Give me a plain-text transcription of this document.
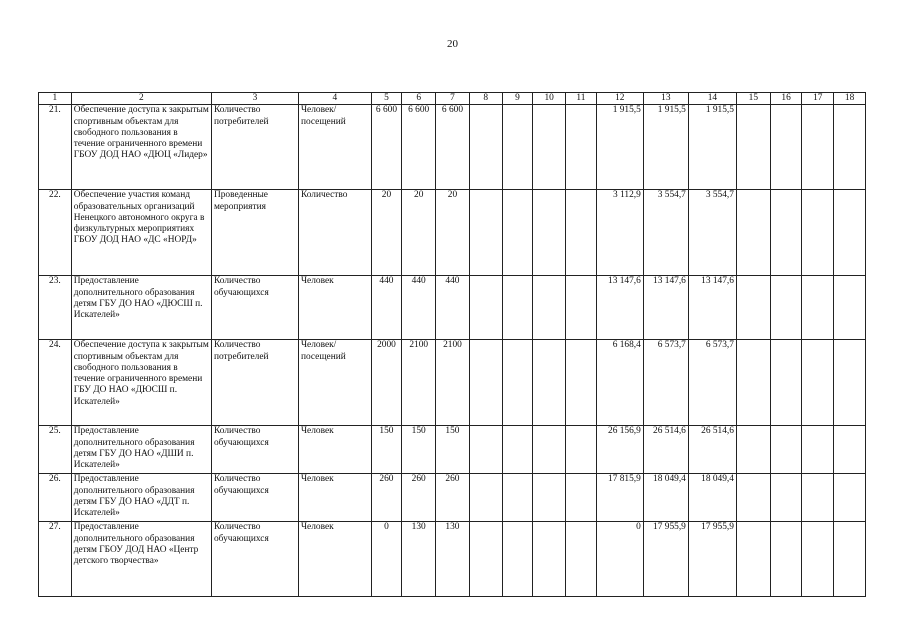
20
1	2	3	4	5	6	7	8	9	10	11	12	13	14	15	16	17	18
21.	Обеспечение доступа к закрытым спортивным объектам для свободного пользования в течение ограниченного времени ГБОУ ДОД НАО «ДЮЦ «Лидер»	Количество потребителей	Человек/ посещений	6 600	6 600	6 600					1 915,5	1 915,5	1 915,5				
22.	Обеспечение участия команд образовательных организаций Ненецкого автономного округа в физкультурных мероприятиях ГБОУ ДОД НАО «ДС «НОРД»	Проведенные мероприятия	Количество	20	20	20					3 112,9	3 554,7	3 554,7				
23.	Предоставление дополнительного образования детям ГБУ ДО НАО «ДЮСШ п. Искателей»	Количество обучающихся	Человек	440	440	440					13 147,6	13 147,6	13 147,6				
24.	Обеспечение доступа к закрытым спортивным объектам для свободного пользования в течение ограниченного времени ГБУ ДО НАО «ДЮСШ п. Искателей»	Количество потребителей	Человек/ посещений	2000	2100	2100					6 168,4	6 573,7	6 573,7				
25.	Предоставление дополнительного образования детям ГБУ ДО НАО «ДШИ п. Искателей»	Количество обучающихся	Человек	150	150	150					26 156,9	26 514,6	26 514,6				
26.	Предоставление дополнительного образования детям ГБУ ДО НАО «ДДТ п. Искателей»	Количество обучающихся	Человек	260	260	260					17 815,9	18 049,4	18 049,4				
27.	Предоставление дополнительного образования детям ГБОУ ДОД НАО «Центр детского творчества»	Количество обучающихся	Человек	0	130	130					0	17 955,9	17 955,9				
